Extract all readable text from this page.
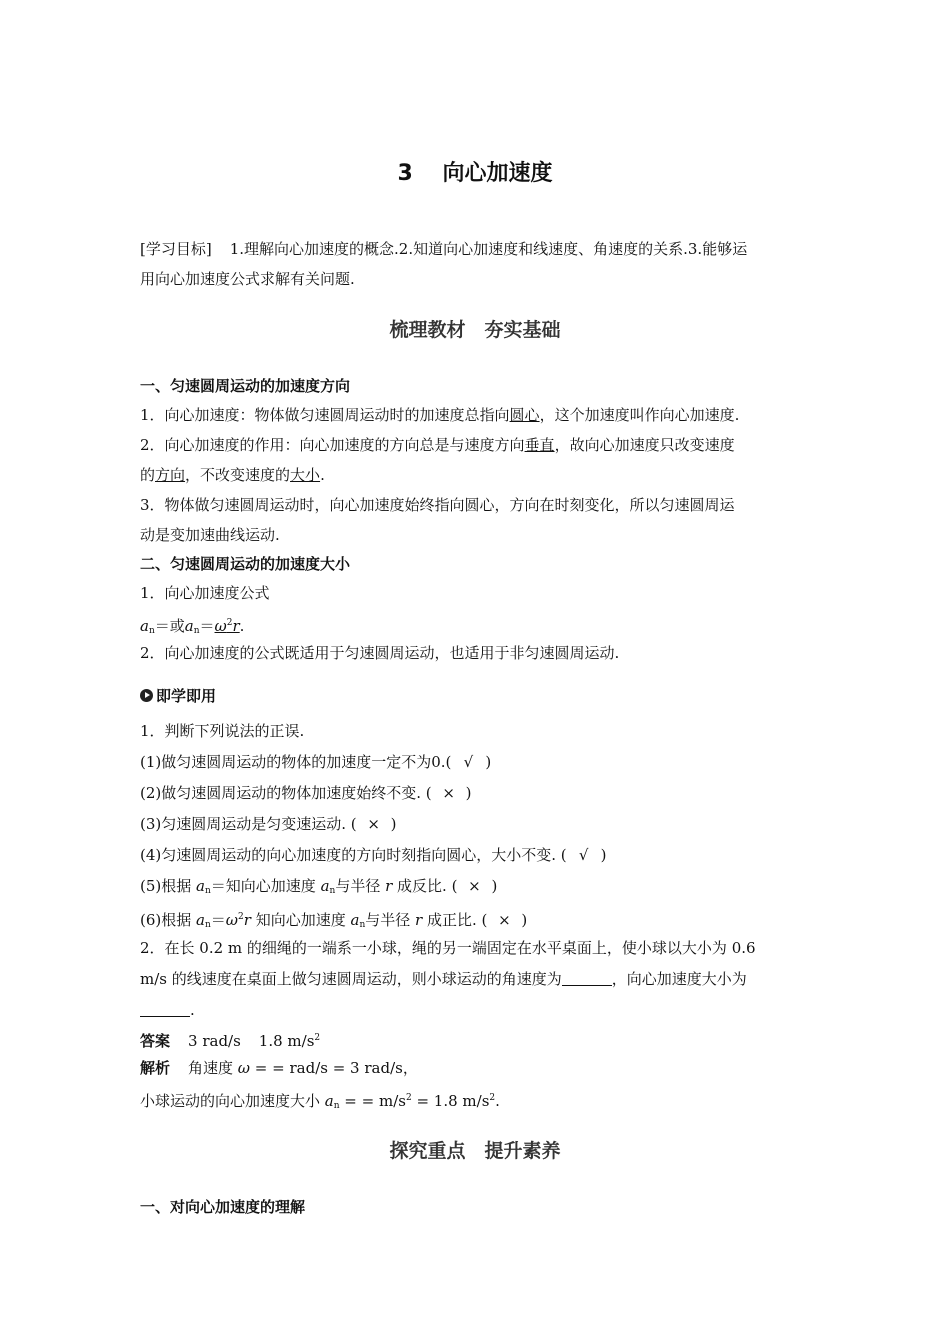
3　 向心加速度
[学习目标] 1.理解向心加速度的概念.2.知道向心加速度和线速度、角速度的关系.3.能够运
用向心加速度公式求解有关问题.
梳理教材　夯实基础
一、匀速圆周运动的加速度方向
1．向心加速度：物体做匀速圆周运动时的加速度总指向圆心，这个加速度叫作向心加速度.
2．向心加速度的作用：向心加速度的方向总是与速度方向垂直，故向心加速度只改变速度
的方向，不改变速度的大小.
3．物体做匀速圆周运动时，向心加速度始终指向圆心，方向在时刻变化，所以匀速圆周运
动是变加速曲线运动.
二、匀速圆周运动的加速度大小
1．向心加速度公式
$a_n=$或$a_n=\omega^2r$.
2．向心加速度的公式既适用于匀速圆周运动，也适用于非匀速圆周运动.
即学即用
1．判断下列说法的正误.
(1)做匀速圆周运动的物体的加速度一定不为0.( √ )
(2)做匀速圆周运动的物体加速度始终不变. ( × )
(3)匀速圆周运动是匀变速运动. ( × )
(4)匀速圆周运动的向心加速度的方向时刻指向圆心，大小不变. ( √ )
(5)根据 $a_n=$知向心加速度 $a_n$与半径 r 成反比. ( × )
(6)根据 $a_n=\omega^2r$ 知向心加速度 $a_n$与半径 r 成正比. ( × )
2．在长 0.2 m 的细绳的一端系一小球，绳的另一端固定在水平桌面上，使小球以大小为 0.6
m/s 的线速度在桌面上做匀速圆周运动，则小球运动的角速度为	，向心加速度大小为
.
答案 3 rad/s 1.8 $m/s^2$
解析 角速度 ω = = rad/s = 3 rad/s，
小球运动的向心加速度大小 $a_n$ = = $m/s^2 = 1.8$ $m/s^2$.
探究重点　提升素养
一、对向心加速度的理解
